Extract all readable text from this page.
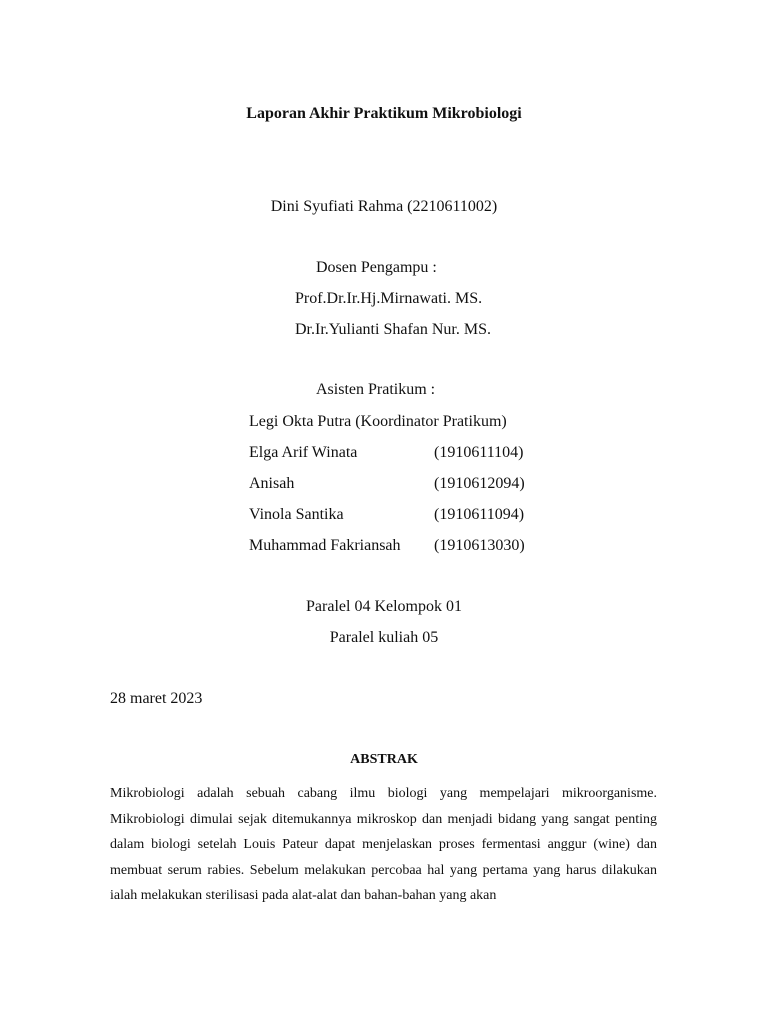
Laporan Akhir Praktikum Mikrobiologi
Dini Syufiati Rahma (2210611002)
Dosen Pengampu :
Prof.Dr.Ir.Hj.Mirnawati. MS.
Dr.Ir.Yulianti Shafan Nur. MS.
Asisten Pratikum :
Legi Okta Putra (Koordinator Pratikum)
Elga Arif Winata	(1910611104)
Anisah	(1910612094)
Vinola Santika	(1910611094)
Muhammad Fakriansah (1910613030)
Paralel 04 Kelompok 01
Paralel kuliah 05
28 maret 2023
ABSTRAK

Mikrobiologi adalah sebuah cabang ilmu biologi yang mempelajari mikroorganisme. Mikrobiologi dimulai sejak ditemukannya mikroskop dan menjadi bidang yang sangat penting dalam biologi setelah Louis Pateur dapat menjelaskan proses fermentasi anggur (wine) dan membuat serum rabies. Sebelum melakukan percobaa hal yang pertama yang harus dilakukan ialah melakukan sterilisasi pada alat-alat dan bahan-bahan yang akan
